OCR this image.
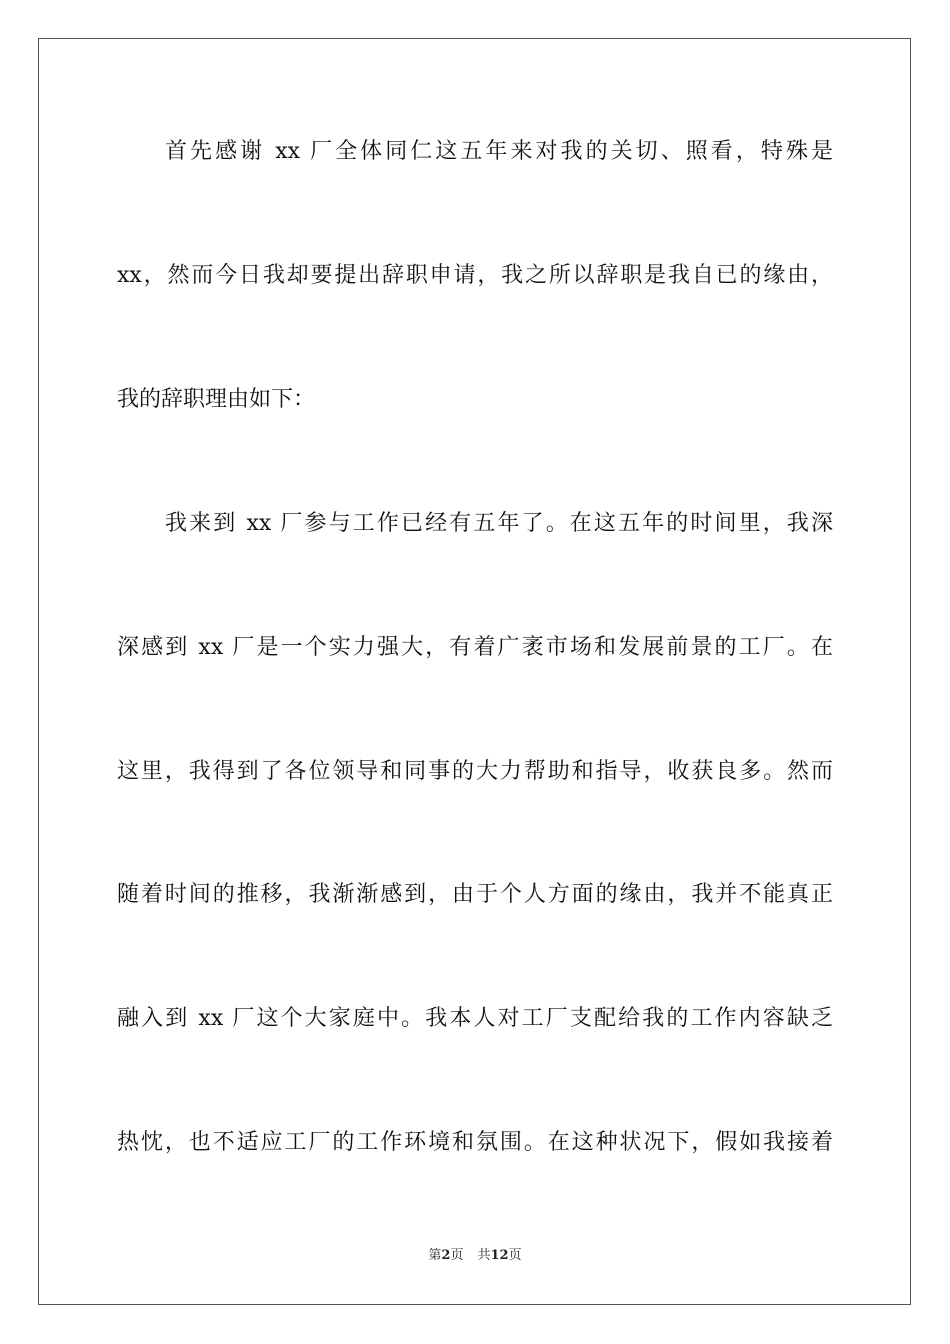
首先感谢 xx 厂全体同仁这五年来对我的关切、照看，特殊是
xx，然而今日我却要提出辞职申请，我之所以辞职是我自已的缘由，
我的辞职理由如下：
我来到 xx 厂参与工作已经有五年了。在这五年的时间里，我深
深感到 xx 厂是一个实力强大，有着广袤市场和发展前景的工厂。在
这里，我得到了各位领导和同事的大力帮助和指导，收获良多。然而
随着时间的推移，我渐渐感到，由于个人方面的缘由，我并不能真正
融入到 xx 厂这个大家庭中。我本人对工厂支配给我的工作内容缺乏
热忱，也不适应工厂的工作环境和氛围。在这种状况下，假如我接着
第2页 共12页
